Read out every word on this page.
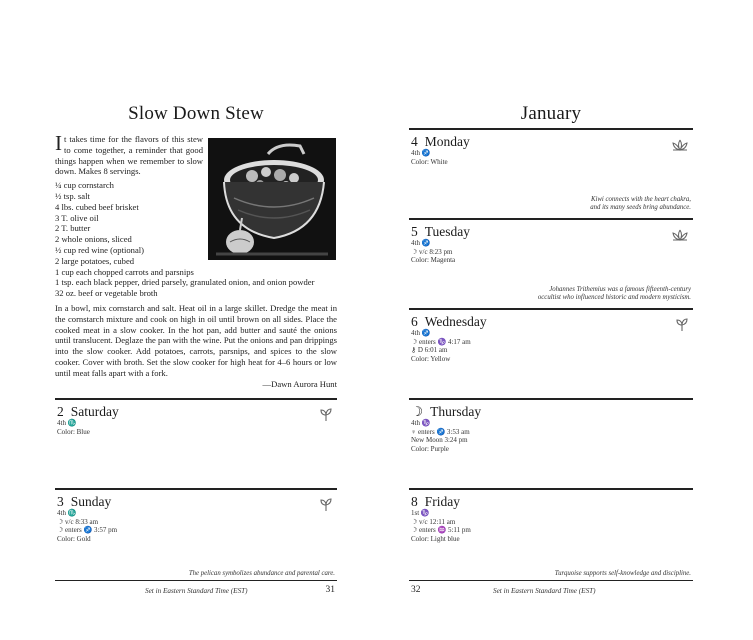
Slow Down Stew
I t takes time for the flavors of this stew to come together, a reminder that good things happen when we remember to slow down. Makes 8 servings.

¼ cup cornstarch
½ tsp. salt
4 lbs. cubed beef brisket
3 T. olive oil
2 T. butter
2 whole onions, sliced
½ cup red wine (optional)
2 large potatoes, cubed
1 cup each chopped carrots and parsnips
1 tsp. each black pepper, dried parsely, granulated onion, and onion powder
32 oz. beef or vegetable broth

In a bowl, mix cornstarch and salt. Heat oil in a large skillet. Dredge the meat in the cornstarch mixture and cook on high in oil until brown on all sides. Place the cooked meat in a slow cooker. In the hot pan, add butter and sauté the onions until translucent. Deglaze the pan with the wine. Put the onions and pan drippings into the slow cooker. Add potatoes, carrots, parsnips, and spices to the slow cooker. Cover with broth. Set the slow cooker for high heat for 4–6 hours or low until meat falls apart with a fork.

—Dawn Aurora Hunt

2 Saturday
4th ♏
Color: Blue
3 Sunday
4th ♏
☽ v/c 8:33 am
☽ enters ♐ 3:57 pm
Color: Gold
The pelican symbolizes abundance and parental care.
Set in Eastern Standard Time (EST)	31
January
4 Monday
4th ♐
Color: White
Kiwi connects with the heart chakra,
and its many seeds bring abundance.
5 Tuesday
4th ♐
☽ v/c 8:23 pm
Color: Magenta
Johannes Trithemius was a famous fifteenth-century
occultist who influenced historic and modern mysticism.
6 Wednesday
4th ♐
☽ enters ♑ 4:17 am
⚷ D 6:01 am
Color: Yellow
☽ Thursday
4th ♑
♀ enters ♐ 3:53 am
New Moon 3:24 pm
Color: Purple
8 Friday
1st ♑
☽ v/c 12:11 am
☽ enters ♒ 5:11 pm
Color: Light blue
Turquoise supports self-knowledge and discipline.
32	Set in Eastern Standard Time (EST)
